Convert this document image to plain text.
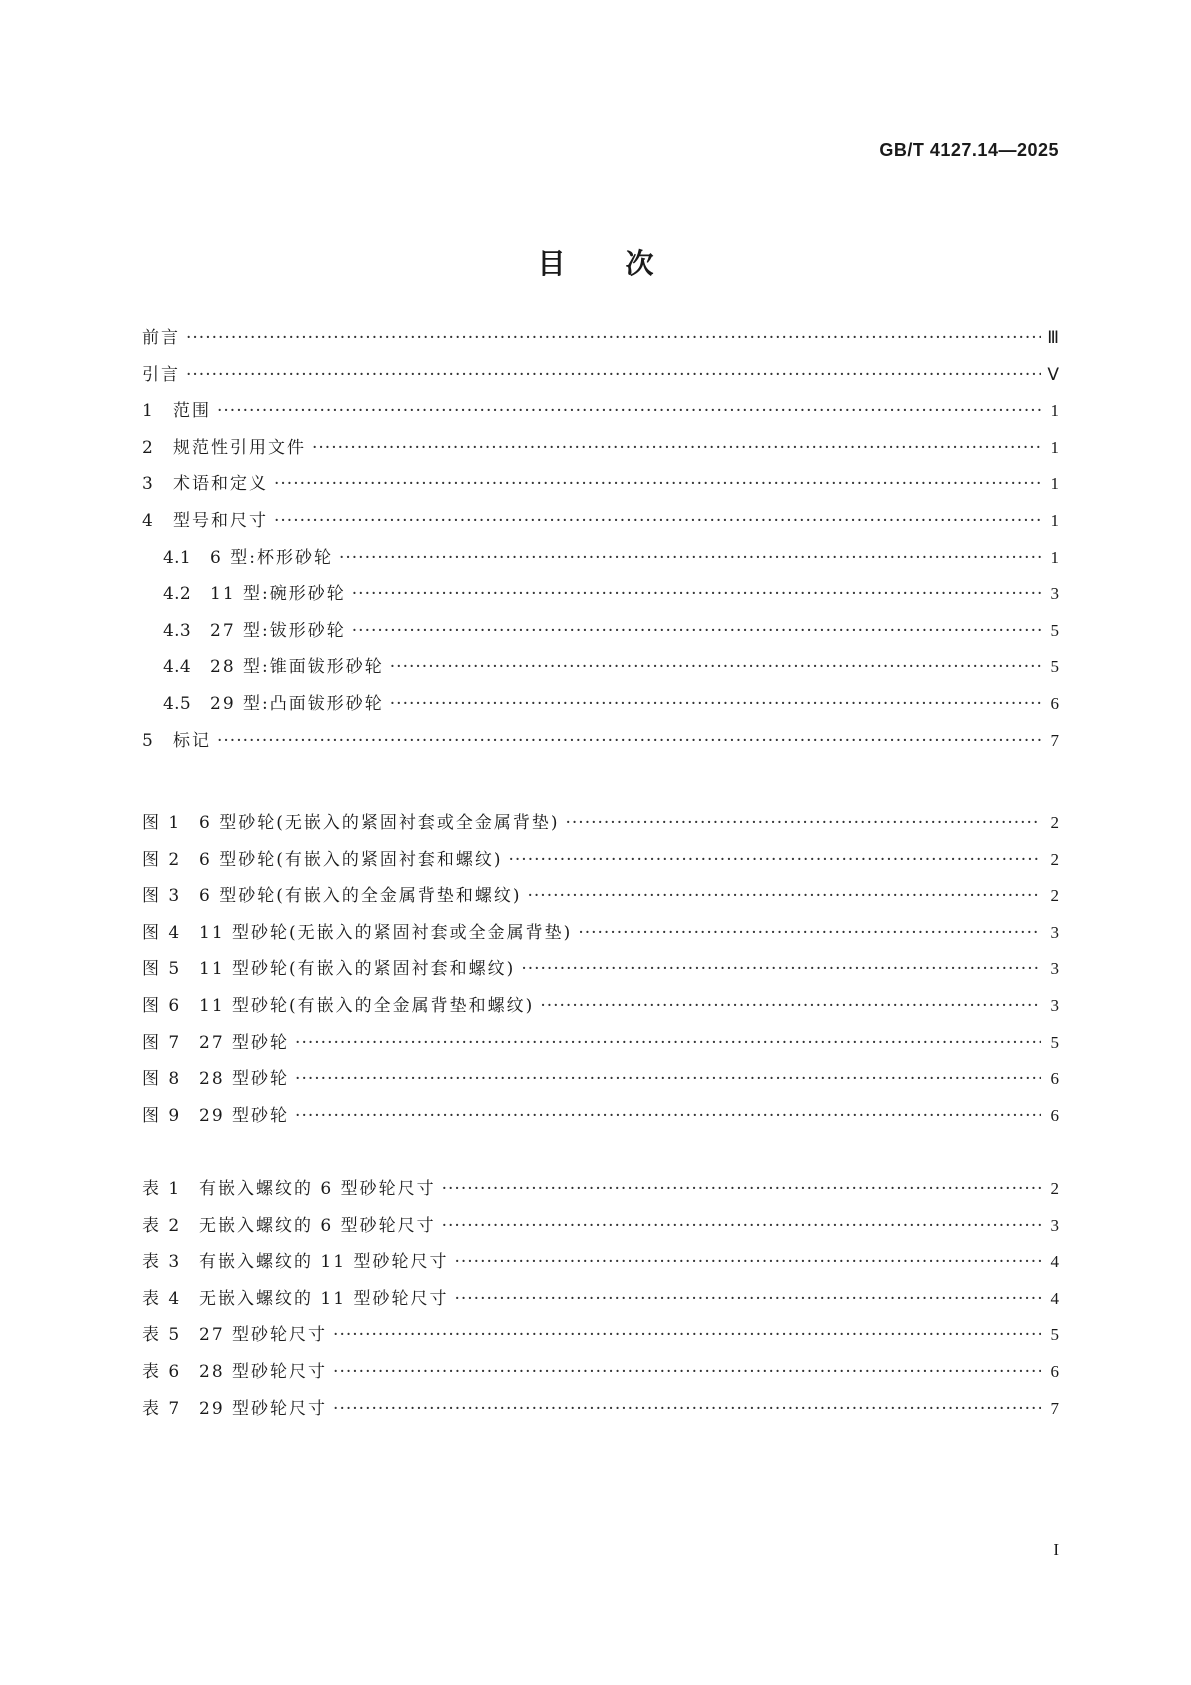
GB/T 4127.14—2025
目 次
前言 ·····	Ⅲ
引言 ·····	Ⅴ
1	范围 ·····	1
2	规范性引用文件 ·····	1
3	术语和定义 ·····	1
4	型号和尺寸 ·····	1
4.1	6 型:杯形砂轮 ·····	1
4.2	11 型:碗形砂轮 ·····	3
4.3	27 型:钹形砂轮 ·····	5
4.4	28 型:锥面钹形砂轮 ·····	5
4.5	29 型:凸面钹形砂轮 ·····	6
5	标记 ·····	7
图 1	6 型砂轮(无嵌入的紧固衬套或全金属背垫) ·····	2
图 2	6 型砂轮(有嵌入的紧固衬套和螺纹) ·····	2
图 3	6 型砂轮(有嵌入的全金属背垫和螺纹) ·····	2
图 4	11 型砂轮(无嵌入的紧固衬套或全金属背垫) ·····	3
图 5	11 型砂轮(有嵌入的紧固衬套和螺纹) ·····	3
图 6	11 型砂轮(有嵌入的全金属背垫和螺纹) ·····	3
图 7	27 型砂轮 ·····	5
图 8	28 型砂轮 ·····	6
图 9	29 型砂轮 ·····	6
表 1	有嵌入螺纹的 6 型砂轮尺寸 ·····	2
表 2	无嵌入螺纹的 6 型砂轮尺寸 ·····	3
表 3	有嵌入螺纹的 11 型砂轮尺寸 ·····	4
表 4	无嵌入螺纹的 11 型砂轮尺寸 ·····	4
表 5	27 型砂轮尺寸 ·····	5
表 6	28 型砂轮尺寸 ·····	6
表 7	29 型砂轮尺寸 ·····	7
I
